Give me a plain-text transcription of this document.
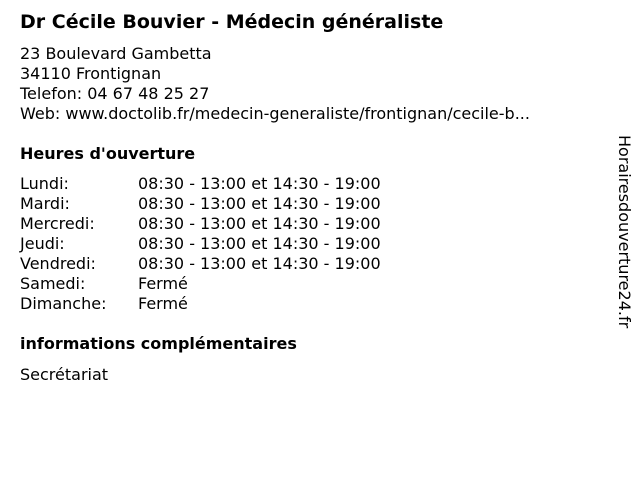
Dr Cécile Bouvier - Médecin généraliste
23 Boulevard Gambetta
34110 Frontignan
Telefon: 04 67 48 25 27
Web: www.doctolib.fr/medecin-generaliste/frontignan/cecile-b...
Heures d'ouverture
Lundi:	08:30 - 13:00 et 14:30 - 19:00
Mardi:	08:30 - 13:00 et 14:30 - 19:00
Mercredi:	08:30 - 13:00 et 14:30 - 19:00
Jeudi:	08:30 - 13:00 et 14:30 - 19:00
Vendredi:	08:30 - 13:00 et 14:30 - 19:00
Samedi:	Fermé
Dimanche:	Fermé
informations complémentaires
Secrétariat
Horairesdouverture24.fr
